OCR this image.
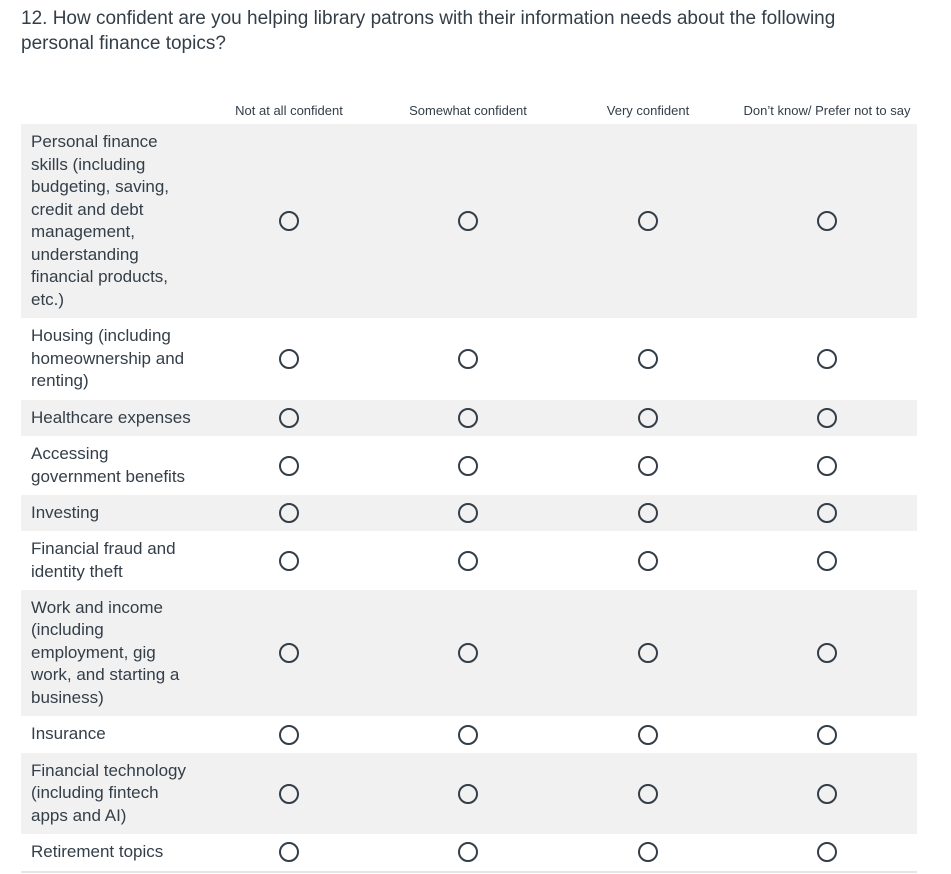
12. How confident are you helping library patrons with their information needs about the following personal finance topics?
Not at all confident	Somewhat confident	Very confident	Don’t know/ Prefer not to say
Personal finance skills (including budgeting, saving, credit and debt management, understanding financial products, etc.)
Housing (including homeownership and renting)
Healthcare expenses
Accessing government benefits
Investing
Financial fraud and identity theft
Work and income (including employment, gig work, and starting a business)
Insurance
Financial technology (including fintech apps and AI)
Retirement topics
